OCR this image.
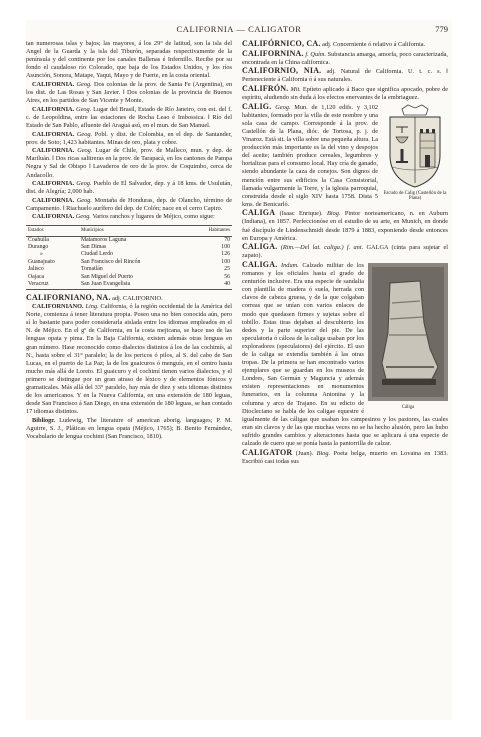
CALIFORNIA — CALIGATOR	779

tan numerosas islas y bajos; las mayores, á los 29° de latitud, son la isla del Angel de la Guarda y la isla del Tiburón, separadas respectivamente de la península y del continente por los canales Ballenas é Infernillo. Recibe por su fondo el caudaloso río Colorado, que baja de los Estados Unidos, y los ríos Asunción, Sonora, Matape, Yaqui, Mayo y de Fuerte, en la costa oriental.

CALIFORNIA. Geog. Dos colonias de la prov. de Santa Fe (Argentina), en los dist. de Las Rosas y San Javier. ‖ Dos colonias de la provincia de Buenos Aires, en los partidos de San Vicente y Monte.

CALIFORNIA. Geog. Lugar del Brasil, Estado de Río Janeiro, con est. del f. c. de Leopoldina, entre las estaciones de Rocha Leao é Imbossica. ‖ Río del Estado de San Pablo, afluente del Araguá asú, en el mun. de San Manuel.

CALIFORNIA. Geog. Pobl. y dist. de Colombia, en el dep. de Santander, prov. de Soto; 1,423 habitantes. Minas de oro, plata y cobre.

CALIFORNIA. Geog. Lugar de Chile, prov. de Malleco, mun. y dep. de Mariluán. ‖ Dos ricas salitreras en la prov. de Tarapacá, en los cantones de Pampa Negra y Sal de Obispo ‖ Lavaderos de oro de la prov. de Coquimbo, cerca de Andacollo.

CALIFORNIA. Geog. Pueblo de El Salvador, dep. y á 18 kms. de Usulután, dist. de Alegría; 2,000 hab.

CALIFORNIA. Geog. Montaña de Honduras, dep. de Olancho, término de Campamento. ‖ Riachuelo aurífero del dep. de Colón; nace en el cerro Capiro.

CALIFORNIA. Geog. Varios ranchos y lugares de Méjico, como sigue:

Estados	Municipios	Habitantes
Coahuila	Matamoros Laguna	70
Durango	San Dimas	100
»	Ciudad Lerdo	126
Guanajuato	San Francisco del Rincón	100
Jalisco	Tomatlán	25
Oajaca	San Miguel del Puerto	56
Veracruz	San Juan Evangelista	40

CALIFORNIANO, NA. adj. CALIFORNIO.

CALIFORNIANO. Ling. California, ó la región occidental de la América del Norte, comienza á tener literatura propia. Poseo una no bien conocida aún, pero sí lo bastante para poder considerarla aislada entre los idiomas empleados en el N. de Méjico. En el gº de California, en la costa mejicana, se hace uso de las lenguas opata y pima. En la Baja California, existen además otras lenguas en gran número. Hase reconocido como dialectos distintos á los de las cochimís, al N., hasta sobre el 31° paralelo; la de los pericos ó pilos, al S. del cabo de San Lucas, en el puerto de La Paz; la de los guaicuros ó menguís, en el centro hasta mucho más allá de Loreto. El guaicuro y el cochimí tienen varios dialectos, y el primero se distingue por un gran atraso de léxico y de elementos fónicos y gramaticales. Más allá del 33° paralelo, hay más de diez y seis idiomas distintos de los americanos. Y en la Nueva California, en una extensión de 180 leguas, desde San Francisco á San Diego, en una extensión de 180 leguas, se han contado 17 idiomas distintos.

Bibliogr. Ludewig, The literature of american aborig. languages; P. M. Aguirre, S. J., Pláticas en lengua opata (Méjico, 1765); B. Benito Fernández, Vocabulario de lengua cochimi (San Francisco, 1810).

CALIFÓRNICO, CA. adj. Concerniente ó relativo á California.

CALIFORNINA. f. Quím. Substancia amarga, amorfa, poco caracterizada, encontrada en la China californica.

CALIFORNIO, NIA. adj. Natural de California. U. t. c. s. ‖ Perteneciente á California ó á sus naturales.

CALIFRÓN. Mit. Epíteto aplicado á Baco que significa apocado, pobre de espíritu, aludiendo sin duda á los efectos enervantes de la embriaguez.

Escudo de Calig (Castellón de la Plana)

CALIG. Geog. Mun. de 1,120 edifs. y 3,102 habitantes, formado por la villa de este nombre y una sola casa de campo. Corresponde á la prov. de Castellón de la Plana, dióc. de Tortosa, p. j. de Vinaroz. Está sit. la villa sobre una pequeña altura. La producción más importante es la del vino y despojos del aceite; también produce cereales, legumbres y hortalizas para el consumo local. Hay cría de ganado, siendo abundante la caza de conejos. Son dignos de mención entre sus edificios la Casa Consistorial, llamada vulgarmente la Torre, y la iglesia parroquial, construida desde el siglo XIV hasta 1758. Dista 5 kms. de Benicarló.

CALIGA (Isaac Enrique). Biog. Pintor norteamericano, n. en Auburn (Indiana), en 1857. Perfeccionóse en el estudio de su arte, en Munich, en donde fué discípulo de Lindenschmidt desde 1879 á 1883, exponiendo desde entonces en Europa y América.

CALIGA. (Rim.—Del lat. caliga.) f. ant. GALGA (cinta para sujetar el zapato).

Cáliga

CALIGA. Indum. Calzado militar de los romanos y los oficiales hasta el grado de centurión inclusive. Era una especie de sandalia con plantilla de madera ó suela, herrada con clavos de cabeza gruesa, y de la que colgaban correas que se unían con varios enlaces de modo que quedasen firmes y sujetas sobre el tobillo. Estas tiras dejaban al descubierto los dedos y la parte superior del pie. De las speculatoria ó cálcea de la caliga usaban por los exploradores (speculatores) del ejército. El uso de la caliga se extendía también á las otras tropas. De la primera se han encontrado varios ejemplares que se guardan en los museos de Londres, San Germán y Maguncia y además existen representaciones en monumentos funerarios, en la columna Antonina y la columna y arco de Trajano. En su edicto de Diocleciano se habla de los caligae equestre é igualmente de las cáligas que usaban los campesinos y los pastores, las cuales eran sin clavos y de las que muchas veces no se ha hecho alusión, pero las hubo sufrido grandes cambios y alteraciones hasta que se aplicara á una especie de calzado de cuero que se ponía hasta la pantorrilla de calzar.

CALIGATOR (Juan). Biog. Poeta belga, muerto en Lovaina en 1383. Escribió casi todas sus
